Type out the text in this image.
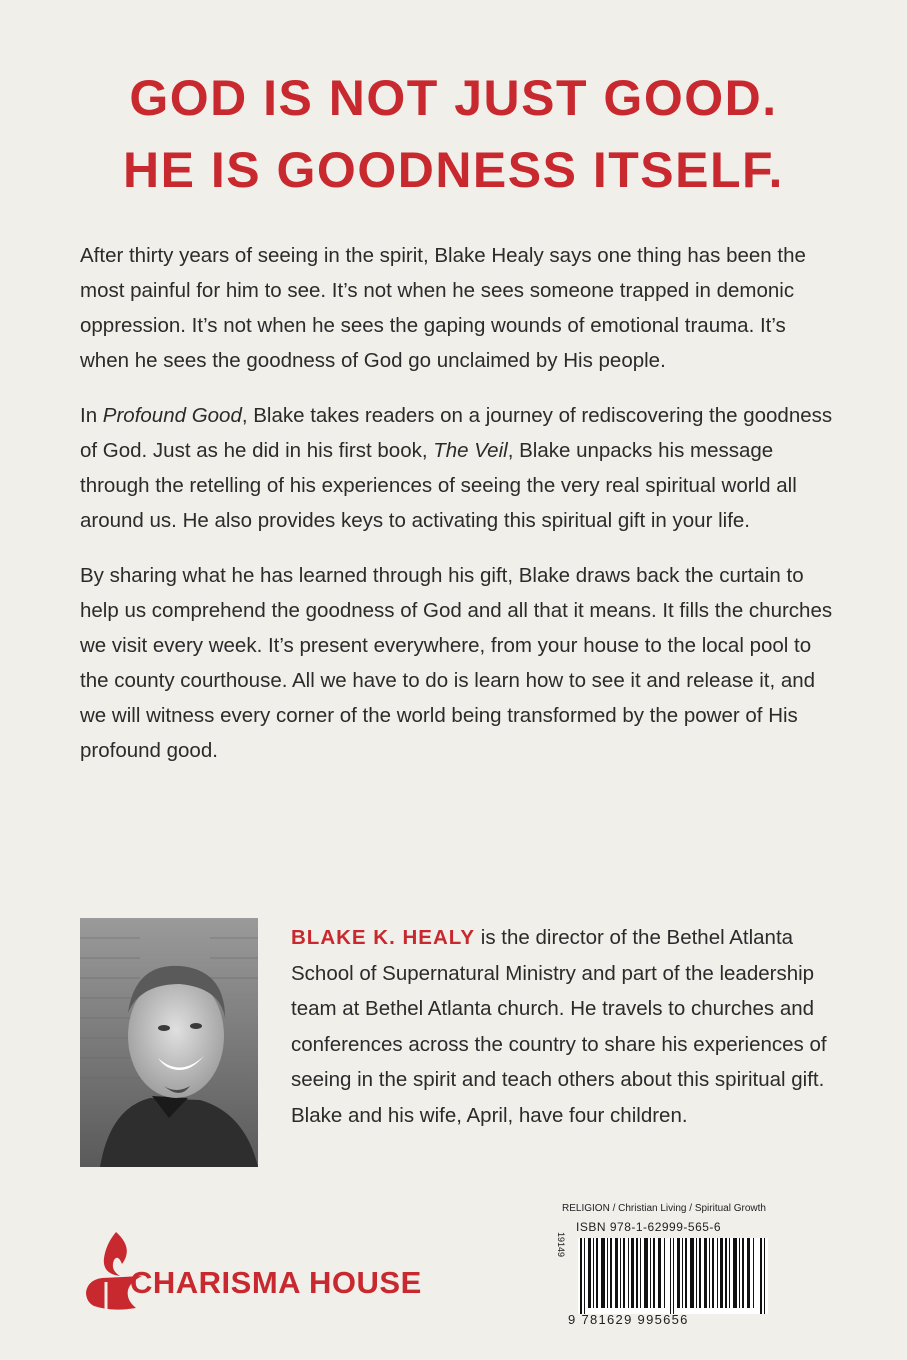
GOD IS NOT JUST GOOD.
HE IS GOODNESS ITSELF.

After thirty years of seeing in the spirit, Blake Healy says one thing has been the most painful for him to see. It’s not when he sees someone trapped in demonic oppression. It’s not when he sees the gaping wounds of emotional trauma. It’s when he sees the goodness of God go unclaimed by His people.

In Profound Good, Blake takes readers on a journey of rediscovering the goodness of God. Just as he did in his first book, The Veil, Blake unpacks his message through the retelling of his experiences of seeing the very real spiritual world all around us. He also provides keys to activating this spiritual gift in your life.

By sharing what he has learned through his gift, Blake draws back the curtain to help us comprehend the goodness of God and all that it means. It fills the churches we visit every week. It’s present everywhere, from your house to the local pool to the county courthouse. All we have to do is learn how to see it and release it, and we will witness every corner of the world being transformed by the power of His profound good.

BLAKE K. HEALY is the director of the Bethel Atlanta School of Supernatural Ministry and part of the leadership team at Bethel Atlanta church. He travels to churches and conferences across the country to share his experiences of seeing in the spirit and teach others about this spiritual gift. Blake and his wife, April, have four children.
CHARISMA HOUSE
RELIGION / Christian Living / Spiritual Growth
ISBN 978-1-62999-565-6
19149
9 781629 995656
